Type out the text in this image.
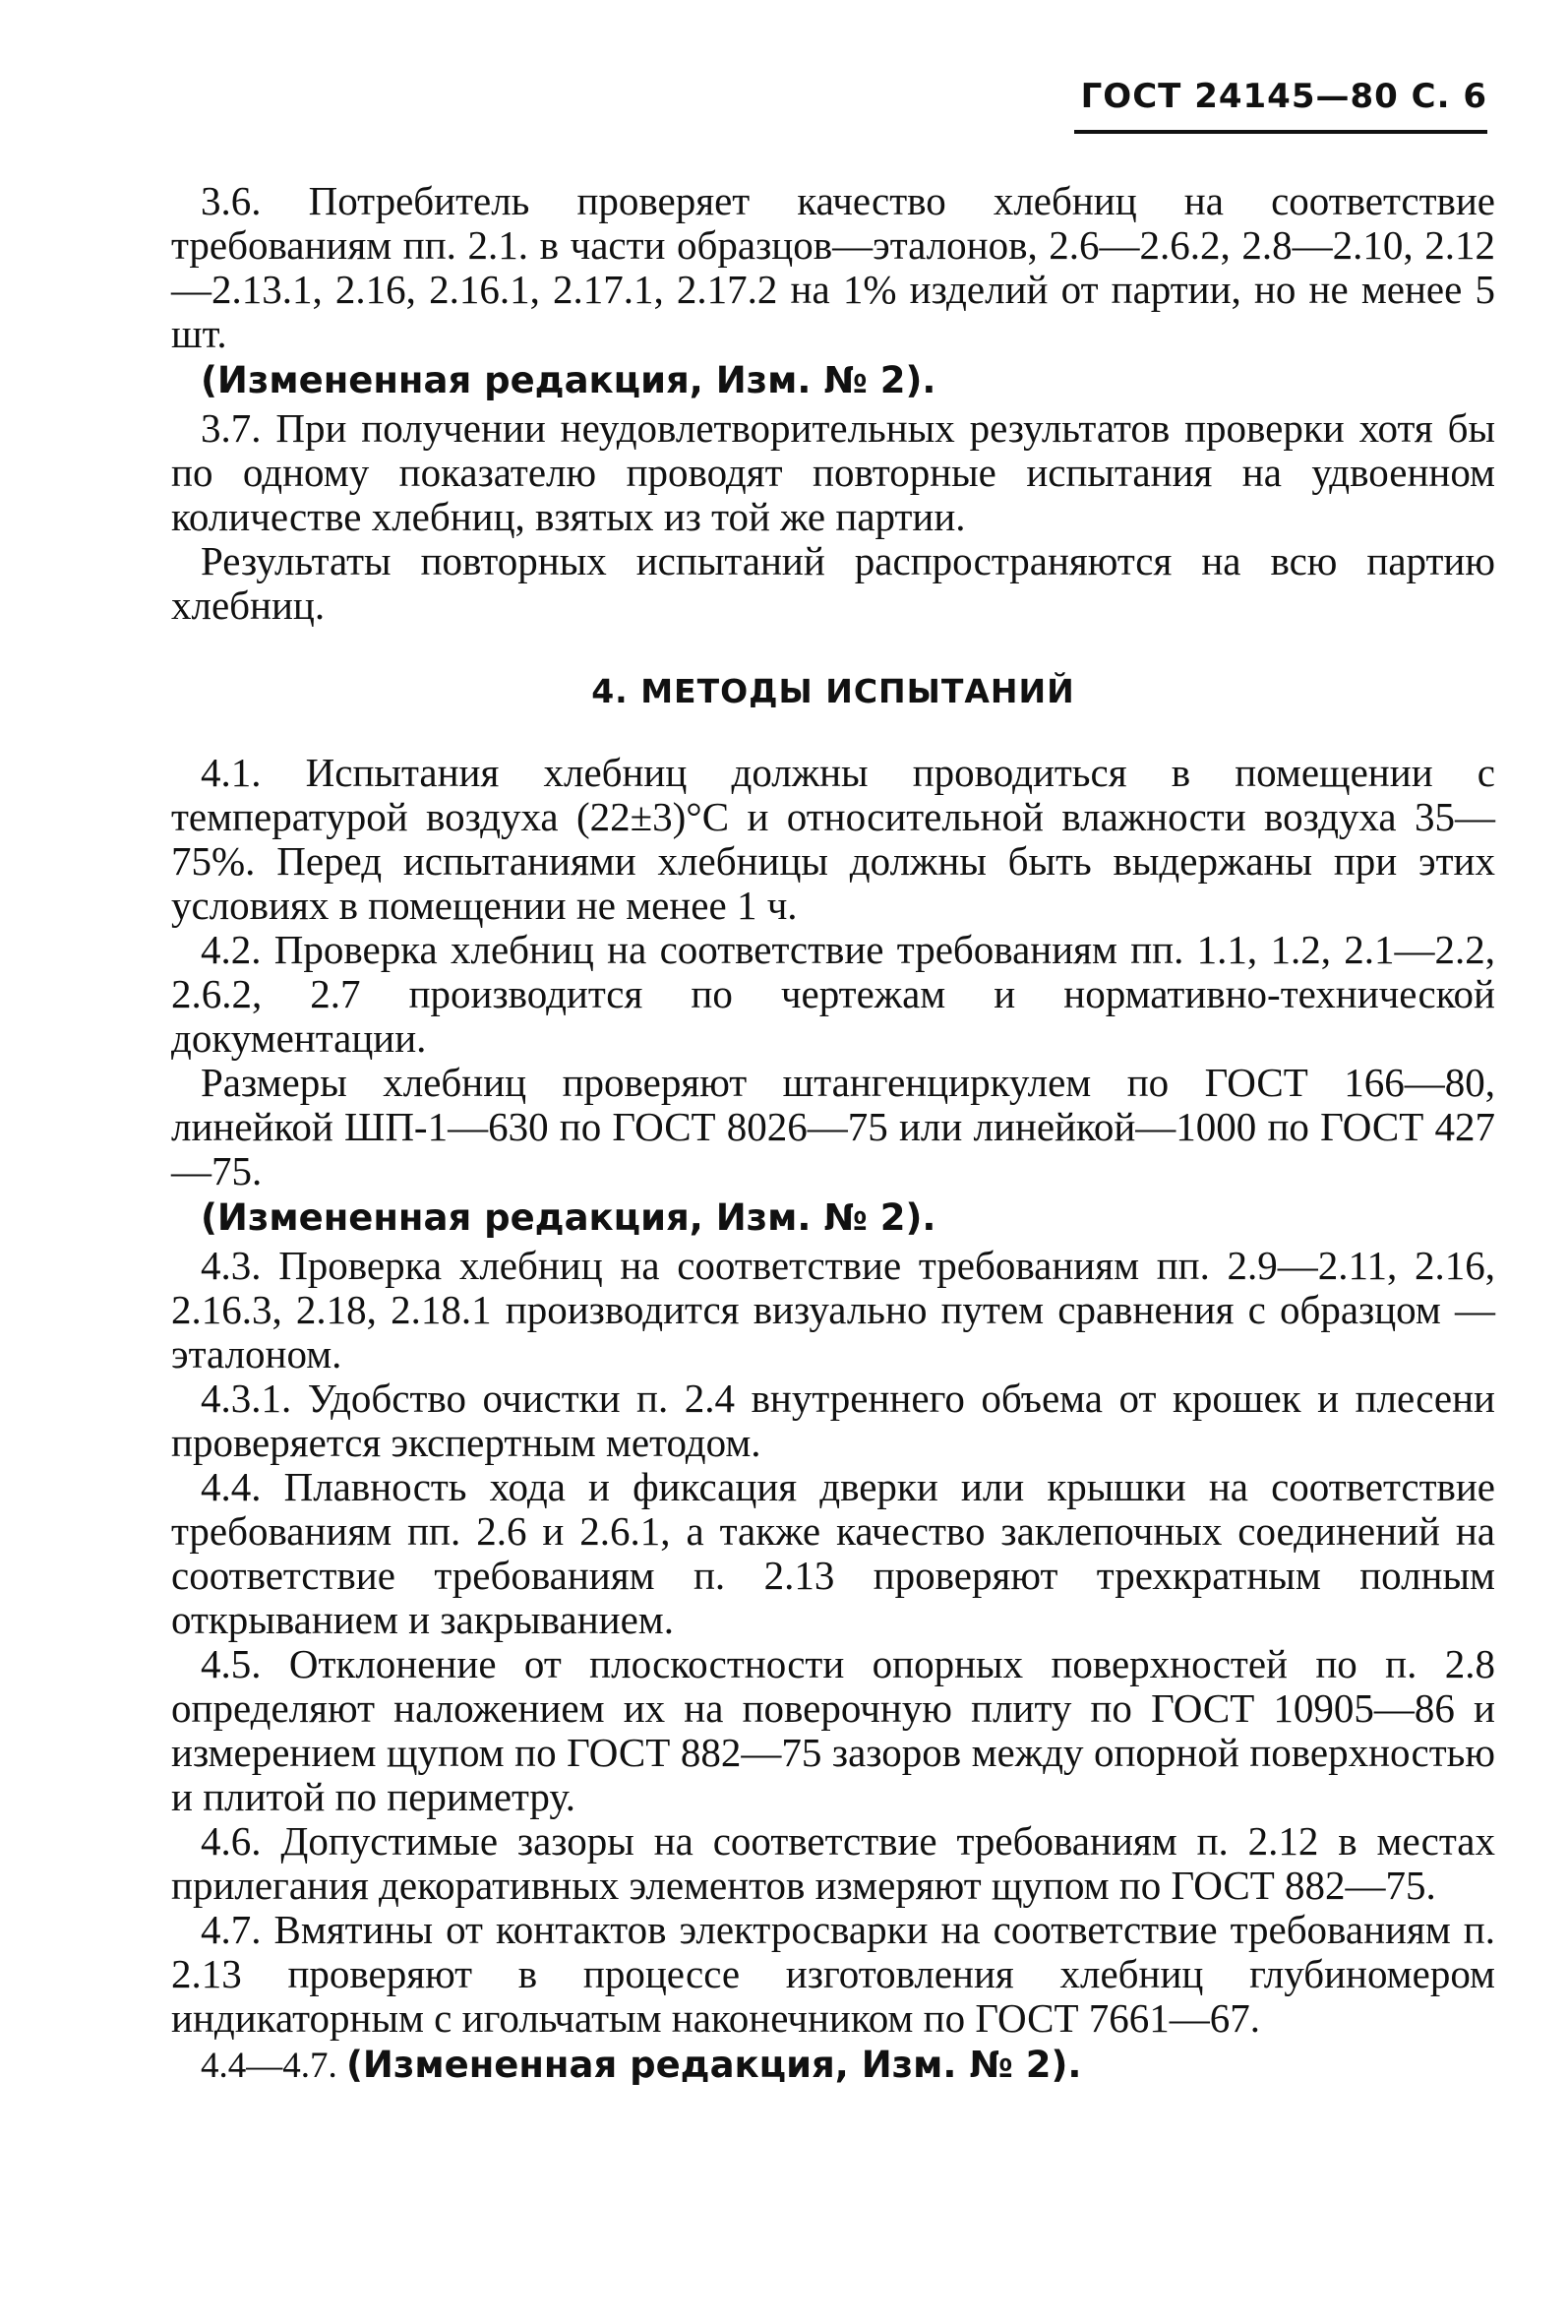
ГОСТ 24145—80 С. 6

3.6. Потребитель проверяет качество хлебниц на соответствие требованиям пп. 2.1. в части образцов—эталонов, 2.6—2.6.2, 2.8—2.10, 2.12—2.13.1, 2.16, 2.16.1, 2.17.1, 2.17.2 на 1% изделий от партии, но не менее 5 шт.

(Измененная редакция, Изм. № 2).

3.7. При получении неудовлетворительных результатов проверки хотя бы по одному показателю проводят повторные испытания на удвоенном количестве хлебниц, взятых из той же партии.

Результаты повторных испытаний распространяются на всю партию хлебниц.

4. МЕТОДЫ ИСПЫТАНИЙ

4.1. Испытания хлебниц должны проводиться в помещении с температурой воздуха (22±3)°С и относительной влажности воздуха 35—75%. Перед испытаниями хлебницы должны быть выдержаны при этих условиях в помещении не менее 1 ч.

4.2. Проверка хлебниц на соответствие требованиям пп. 1.1, 1.2, 2.1—2.2, 2.6.2, 2.7 производится по чертежам и нормативно-технической документации.

Размеры хлебниц проверяют штангенциркулем по ГОСТ 166—80, линейкой ШП-1—630 по ГОСТ 8026—75 или линейкой—1000 по ГОСТ 427—75.

(Измененная редакция, Изм. № 2).

4.3. Проверка хлебниц на соответствие требованиям пп. 2.9—2.11, 2.16, 2.16.3, 2.18, 2.18.1 производится визуально путем сравнения с образцом — эталоном.

4.3.1. Удобство очистки п. 2.4 внутреннего объема от крошек и плесени проверяется экспертным методом.

4.4. Плавность хода и фиксация дверки или крышки на соответствие требованиям пп. 2.6 и 2.6.1, а также качество заклепочных соединений на соответствие требованиям п. 2.13 проверяют трехкратным полным открыванием и закрыванием.

4.5. Отклонение от плоскостности опорных поверхностей по п. 2.8 определяют наложением их на поверочную плиту по ГОСТ 10905—86 и измерением щупом по ГОСТ 882—75 зазоров между опорной поверхностью и плитой по периметру.

4.6. Допустимые зазоры на соответствие требованиям п. 2.12 в местах прилегания декоративных элементов измеряют щупом по ГОСТ 882—75.

4.7. Вмятины от контактов электросварки на соответствие требованиям п. 2.13 проверяют в процессе изготовления хлебниц глубиномером индикаторным с игольчатым наконечником по ГОСТ 7661—67.

4.4—4.7. (Измененная редакция, Изм. № 2).
